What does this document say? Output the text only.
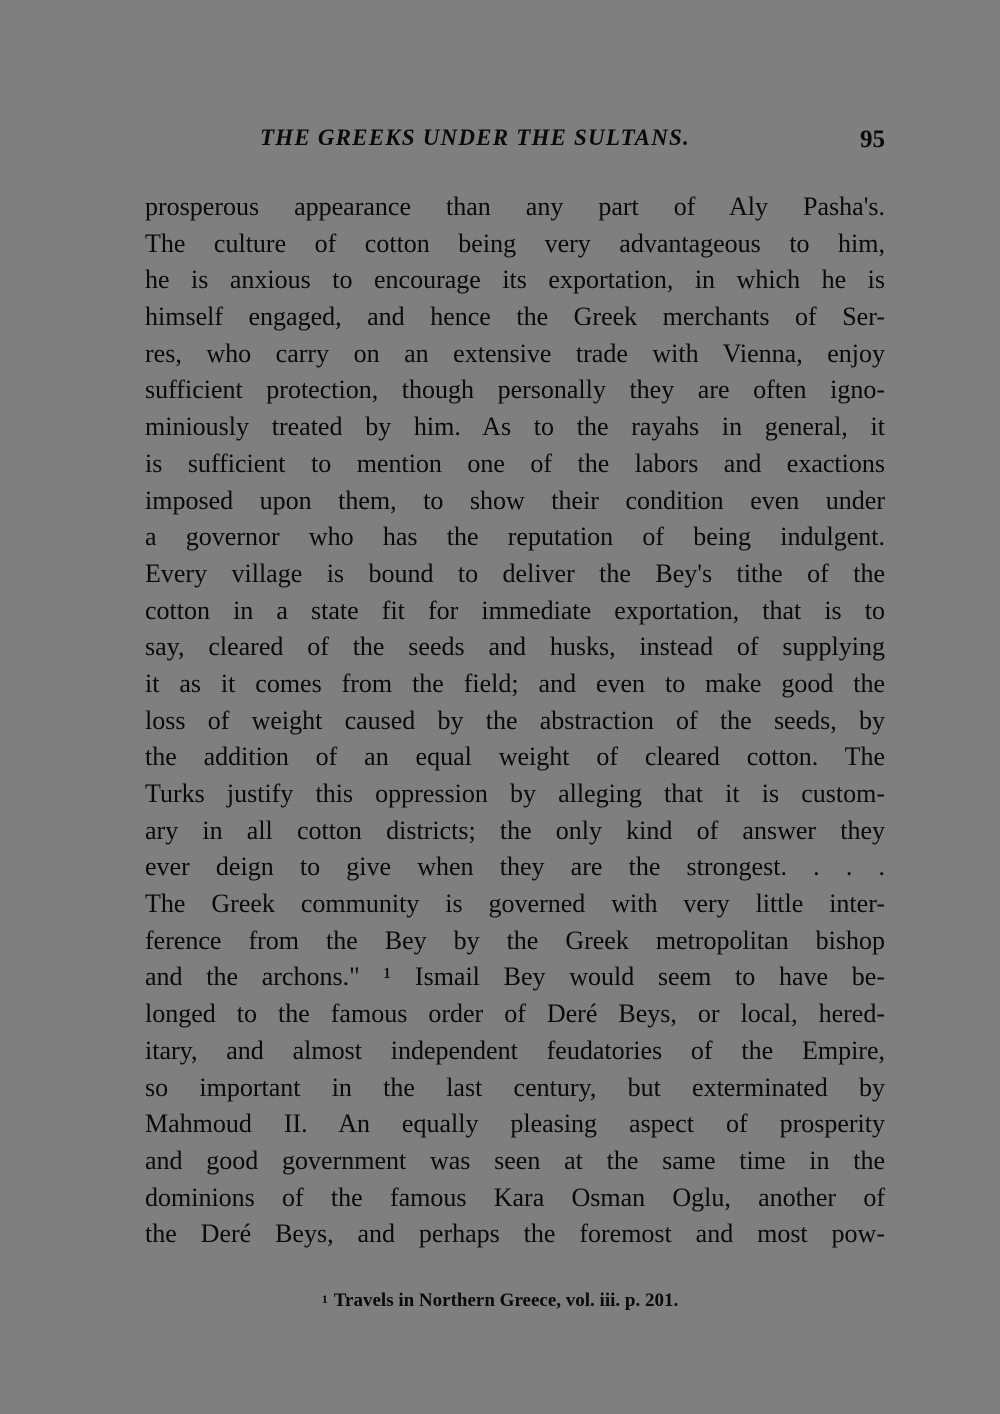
THE GREEKS UNDER THE SULTANS.	95
prosperous appearance than any part of Aly Pasha's.
The culture of cotton being very advantageous to him,
he is anxious to encourage its exportation, in which he is
himself engaged, and hence the Greek merchants of Ser-
res, who carry on an extensive trade with Vienna, enjoy
sufficient protection, though personally they are often igno-
miniously treated by him. As to the rayahs in general, it
is sufficient to mention one of the labors and exactions
imposed upon them, to show their condition even under
a governor who has the reputation of being indulgent.
Every village is bound to deliver the Bey's tithe of the
cotton in a state fit for immediate exportation, that is to
say, cleared of the seeds and husks, instead of supplying
it as it comes from the field; and even to make good the
loss of weight caused by the abstraction of the seeds, by
the addition of an equal weight of cleared cotton. The
Turks justify this oppression by alleging that it is custom-
ary in all cotton districts; the only kind of answer they
ever deign to give when they are the strongest. . . .
The Greek community is governed with very little inter-
ference from the Bey by the Greek metropolitan bishop
and the archons." ¹ Ismail Bey would seem to have be-
longed to the famous order of Deré Beys, or local, hered-
itary, and almost independent feudatories of the Empire,
so important in the last century, but exterminated by
Mahmoud II. An equally pleasing aspect of prosperity
and good government was seen at the same time in the
dominions of the famous Kara Osman Oglu, another of
the Deré Beys, and perhaps the foremost and most pow-
$^1$ Travels in Northern Greece, vol. iii. p. 201.
